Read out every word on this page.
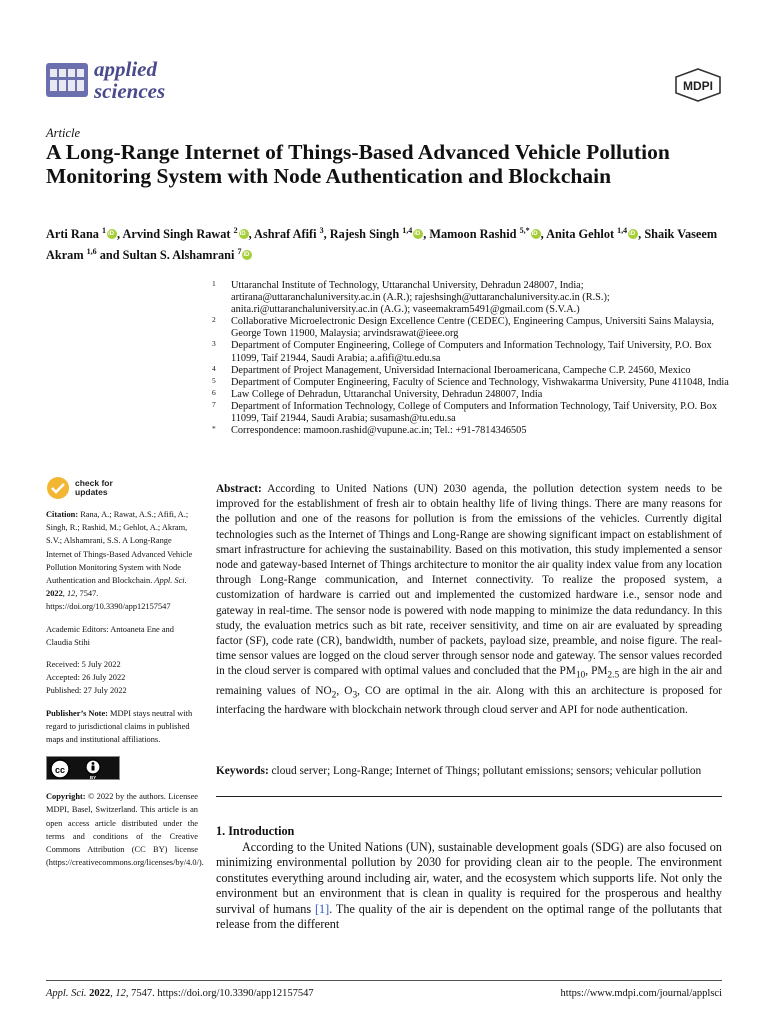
applied
sciences	MDPI
Article
A Long-Range Internet of Things-Based Advanced Vehicle Pollution Monitoring System with Node Authentication and Blockchain
Arti Rana $^1$ iD , Arvind Singh Rawat $^2$ iD , Ashraf Afifi $^3$, Rajesh Singh $^{1,4}$ iD , Mamoon Rashid $^{5,*}$ iD , Anita Gehlot $^{1,4}$ iD , Shaik Vaseem Akram $^{1,6}$ and Sultan S. Alshamrani $^7$iD
1 Uttaranchal Institute of Technology, Uttaranchal University, Dehradun 248007, India; artirana@uttaranchaluniversity.ac.in (A.R.); rajeshsingh@uttaranchaluniversity.ac.in (R.S.); anita.ri@uttaranchaluniversity.ac.in (A.G.); vaseemakram5491@gmail.com (S.V.A.)
2 Collaborative Microelectronic Design Excellence Centre (CEDEC), Engineering Campus, Universiti Sains Malaysia, George Town 11900, Malaysia; arvindsrawat@ieee.org
3 Department of Computer Engineering, College of Computers and Information Technology, Taif University, P.O. Box 11099, Taif 21944, Saudi Arabia; a.afifi@tu.edu.sa
4 Department of Project Management, Universidad Internacional Iberoamericana, Campeche C.P. 24560, Mexico
5 Department of Computer Engineering, Faculty of Science and Technology, Vishwakarma University, Pune 411048, India
6 Law College of Dehradun, Uttaranchal University, Dehradun 248007, India
7 Department of Information Technology, College of Computers and Information Technology, Taif University, P.O. Box 11099, Taif 21944, Saudi Arabia; susamash@tu.edu.sa
* Correspondence: mamoon.rashid@vupune.ac.in; Tel.: +91-7814346505
check for
updates
Citation: Rana, A.; Rawat, A.S.; Afifi, A.; Singh, R.; Rashid, M.; Gehlot, A.; Akram, S.V.; Alshamrani, S.S. A Long-Range Internet of Things-Based Advanced Vehicle Pollution Monitoring System with Node Authentication and Blockchain. Appl. Sci. 2022, 12, 7547. https://doi.org/10.3390/app12157547
Academic Editors: Antoaneta Ene and Claudia Stihi
Received: 5 July 2022
Accepted: 26 July 2022
Published: 27 July 2022
Publisher’s Note: MDPI stays neutral with regard to jurisdictional claims in published maps and institutional affiliations.
cc
BY
Copyright: © 2022 by the authors. Licensee MDPI, Basel, Switzerland. This article is an open access article distributed under the terms and conditions of the Creative Commons Attribution (CC BY) license (https://creativecommons.org/licenses/by/4.0/).
Abstract: According to United Nations (UN) 2030 agenda, the pollution detection system needs to be improved for the establishment of fresh air to obtain healthy life of living things. There are many reasons for the pollution and one of the reasons for pollution is from the emissions of the vehicles. Currently digital technologies such as the Internet of Things and Long-Range are showing significant impact on establishment of smart infrastructure for achieving the sustainability. Based on this motivation, this study implemented a sensor node and gateway-based Internet of Things architecture to monitor the air quality index value from any location through Long-Range communication, and Internet connectivity. To realize the proposed system, a customization of hardware is carried out and implemented the customized hardware i.e., sensor node and gateway in real-time. The sensor node is powered with node mapping to minimize the data redundancy. In this study, the evaluation metrics such as bit rate, receiver sensitivity, and time on air are evaluated by spreading factor (SF), code rate (CR), bandwidth, number of packets, payload size, preamble, and noise figure. The real-time sensor values are logged on the cloud server through sensor node and gateway. The sensor values recorded in the cloud server is compared with optimal values and concluded that the $PM_{10}$, $PM_{2.5}$ are high in the air and remaining values of $NO_2$, $O_3$, CO are optimal in the air. Along with this an architecture is proposed for interfacing the hardware with blockchain network through cloud server and API for node authentication.
Keywords: cloud server; Long-Range; Internet of Things; pollutant emissions; sensors; vehicular pollution
1. Introduction

According to the United Nations (UN), sustainable development goals (SDG) are also focused on minimizing environmental pollution by 2030 for providing clean air to the people. The environment constitutes everything around including air, water, and the ecosystem which supports life. Not only the environment but an environment that is clean in quality is required for the prosperous and healthy survival of humans [1]. The quality of the air is dependent on the optimal range of the pollutants that release from the different

Appl. Sci. 2022, 12, 7547. https://doi.org/10.3390/app12157547	https://www.mdpi.com/journal/applsci
